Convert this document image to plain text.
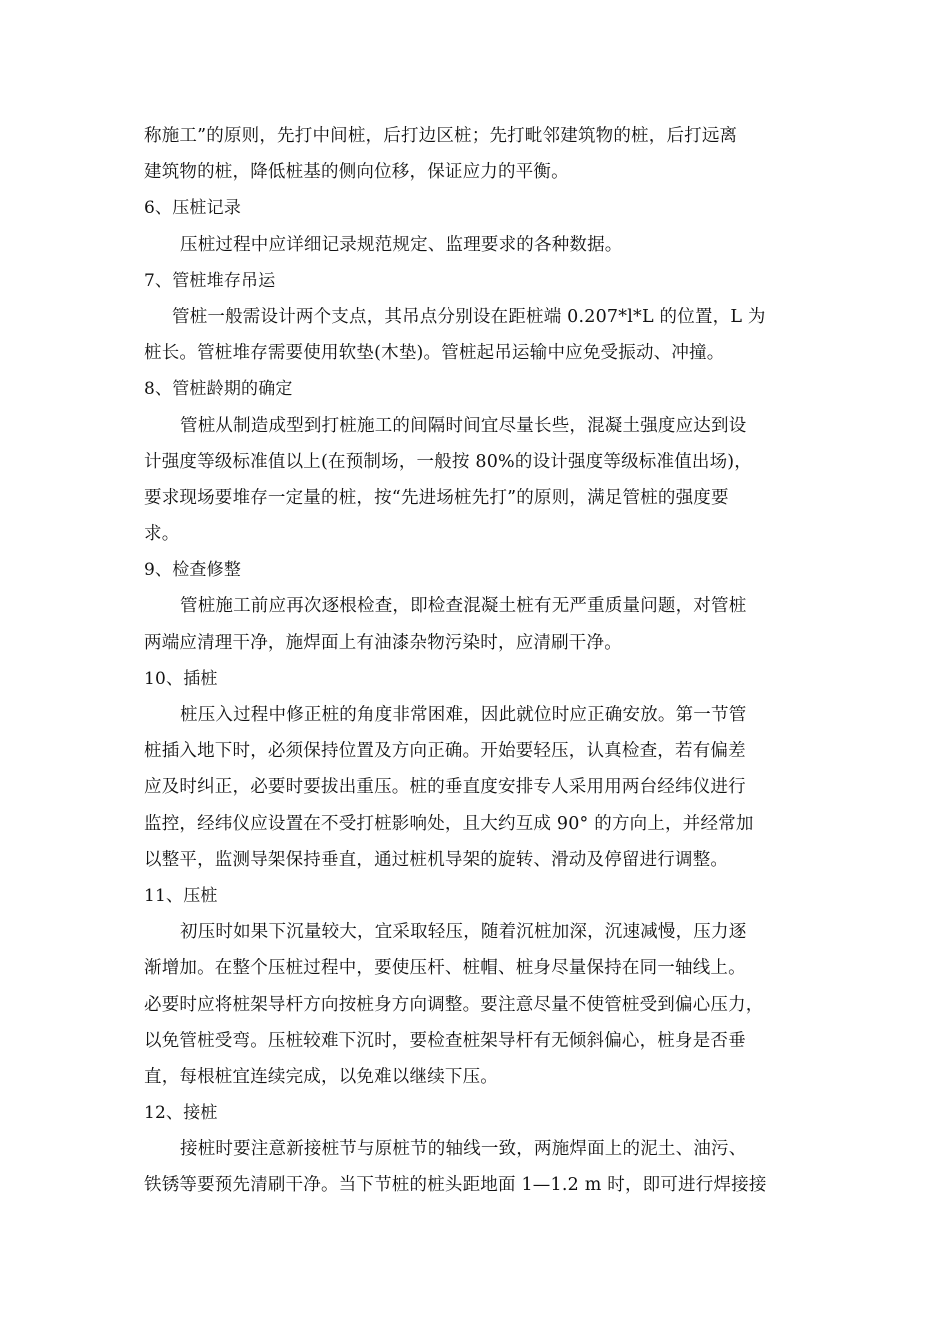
称施工”的原则，先打中间桩，后打边区桩；先打毗邻建筑物的桩，后打远离
建筑物的桩，降低桩基的侧向位移，保证应力的平衡。
6、压桩记录
压桩过程中应详细记录规范规定、监理要求的各种数据。
7、管桩堆存吊运
管桩一般需设计两个支点，其吊点分别设在距桩端 0.207*l*L 的位置，L 为
桩长。管桩堆存需要使用软垫(木垫)。管桩起吊运输中应免受振动、冲撞。
8、管桩龄期的确定
管桩从制造成型到打桩施工的间隔时间宜尽量长些，混凝土强度应达到设
计强度等级标准值以上(在预制场，一般按 80%的设计强度等级标准值出场)，
要求现场要堆存一定量的桩，按“先进场桩先打”的原则，满足管桩的强度要
求。
9、检查修整
管桩施工前应再次逐根检查，即检查混凝土桩有无严重质量问题，对管桩
两端应清理干净，施焊面上有油漆杂物污染时，应清刷干净。
10、插桩
桩压入过程中修正桩的角度非常困难，因此就位时应正确安放。第一节管
桩插入地下时，必须保持位置及方向正确。开始要轻压，认真检查，若有偏差
应及时纠正，必要时要拔出重压。桩的垂直度安排专人采用用两台经纬仪进行
监控，经纬仪应设置在不受打桩影响处，且大约互成 90° 的方向上，并经常加
以整平，监测导架保持垂直，通过桩机导架的旋转、滑动及停留进行调整。
11、压桩
初压时如果下沉量较大，宜采取轻压，随着沉桩加深，沉速减慢，压力逐
渐增加。在整个压桩过程中，要使压杆、桩帽、桩身尽量保持在同一轴线上。
必要时应将桩架导杆方向按桩身方向调整。要注意尽量不使管桩受到偏心压力，
以免管桩受弯。压桩较难下沉时，要检查桩架导杆有无倾斜偏心，桩身是否垂
直，每根桩宜连续完成，以免难以继续下压。
12、接桩
接桩时要注意新接桩节与原桩节的轴线一致，两施焊面上的泥土、油污、
铁锈等要预先清刷干净。当下节桩的桩头距地面 1—1.2 m 时，即可进行焊接接
